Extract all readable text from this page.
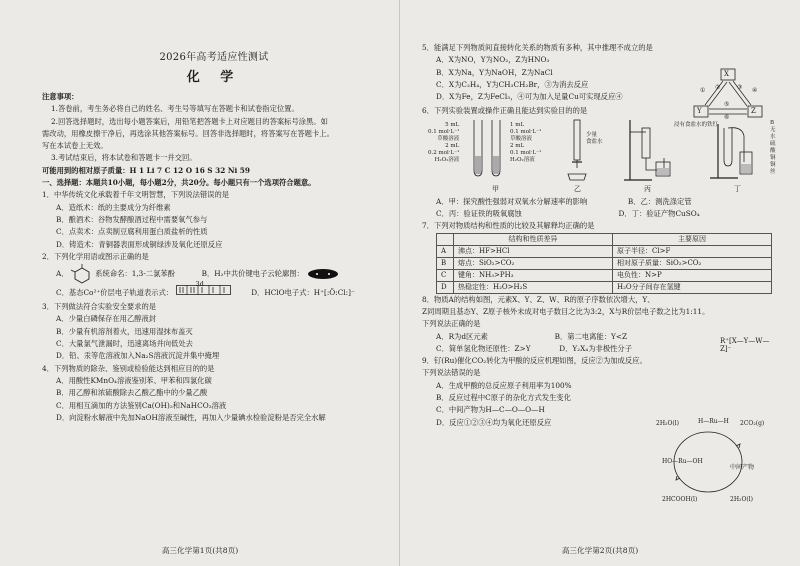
2026年高考适应性测试
化 学
注意事项：
1.答卷前，考生务必将自己的姓名、考生号等填写在答题卡和试卷指定位置。
2.回答选择题时，选出每小题答案后，用铅笔把答题卡上对应题目的答案标号涂黑。如
需改动，用橡皮擦干净后，再选涂其他答案标号。回答非选择题时，将答案写在答题卡上。
写在本试卷上无效。
3.考试结束后，将本试卷和答题卡一并交回。
可能用到的相对原子质量：H 1 Li 7 C 12 O 16 S 32 Ni 59
一、选择题：本题共10小题，每小题2分，共20分。每小题只有一个选项符合题意。
1．中华传统文化承载着千年文明智慧，下列说法错误的是
A．造纸术：纸的主要成分为纤维素
B．酿酒术：谷物发酵酿酒过程中需要氧气参与
C．点卖术：点卖制豆腐利用蛋白质盐析的性质
D．铸造术：青铜器表面形成铜绿涉及氧化还原反应
2．下列化学用语或图示正确的是
A．	系统命名：1,3-二氯苯酚	B．H₂中共价键电子云轮廓图：
C．基态Co²⁺价层电子轨道表示式：
3d
D．HClO电子式：H⁺[:Ö:Cl:]⁻
3．下列做法符合实验安全要求的是
A．少量白磷保存在用乙醇液封
B．少量有机溶剂着火，迅速用湿抹布盖灭
C．大量氯气泄漏时，迅速离场并向低处去
D．铅、汞等危溶液加入Na₂S溶液沉淀并集中掩埋
4．下列物质的除杂、鉴别或检验能达到相应目的的是
A．用酸性KMnO₄溶液鉴别苯、甲苯和四氯化碳
B．用乙醇和浓硫酸除去乙酸乙酯中的少量乙酸
C．用相互滴加的方法鉴别Ca(OH)₂和NaHCO₃溶液
D．向淀粉水解液中先加NaOH溶液至碱性，再加入少量碘水检验淀粉是否完全水解
高三化学第1页(共8页)
5．能满足下列物质间直接转化关系的物质有多种，其中推理不成立的是
A．X为NO，Y为NO₂，Z为HNO₃
B．X为Na，Y为NaOH，Z为NaCl
C．X为C₂H₄，Y为CH₃CH₂Br，③为消去反应
D．X为Fe，Z为FeCl₃，④可为加入足量Cu可实现反应④
X
Y	Z
① ②	③ ④
⑤
⑥
6．下列实验装置或操作正确且能达到实验目的的是
5 mL
0.1 mol·L⁻¹
草酸溶液
2 mL
0.2 mol·L⁻¹
H₂O₂溶液
1 mL
0.1 mol·L⁻¹
草酸溶液
2 mL
0.1 mol·L⁻¹
H₂O₂溶液
少量
食盐水
浸有食盐水的铁钉	B
无水硫酸铜
铜丝
甲	乙	丙	丁
A．甲：探究酸性强弱对双氧水分解速率的影响	B．乙：测洗涤定管
C．丙：验证铁的吸氧腐蚀	D．丁：验证产物CuSO₄
7．下列对物质结构和性质的比较及其解释均正确的是
	结构和性质差异	主要原因
A	沸点：HF>HCl	原子半径：Cl>F
B	熔点：SiO₂>CO₂	相对原子质量：SiO₂>CO₂
C	键角：NH₃>PH₃	电负性：N>P
D	热稳定性：H₂O>H₂S	H₂O分子间存在氢键
8．物质A的结构如图，元素X、Y、Z、W、R的原子序数依次增大，Y、
Z同周期且基态Y、Z原子核外未成对电子数目之比为3:2，X与R价层电子数之比为1:11。
下列说法正确的是
A．R为d区元素	B．第二电离能：Y<Z
C．简单氢化物还原性：Z>Y	D．Y₂X₄为非极性分子
R⁺[X—Y—W—Z]⁻
9．钌(Ru)催化CO₂转化为甲酸的反应机理如图，反应②为加成反应。
下列说法错误的是
A．生成甲酸的总反应原子利用率为100%
B．反应过程中C原子的杂化方式发生变化
C．中间产物为H—C—O—O—H
D．反应①②③④均为氧化还原反应	2H₂O(l)	H—Ru—H 2CO₂(g)
HO—Ru—OH
中间产物
2HCOOH(l)	2H₂O(l)
高三化学第2页(共8页)
